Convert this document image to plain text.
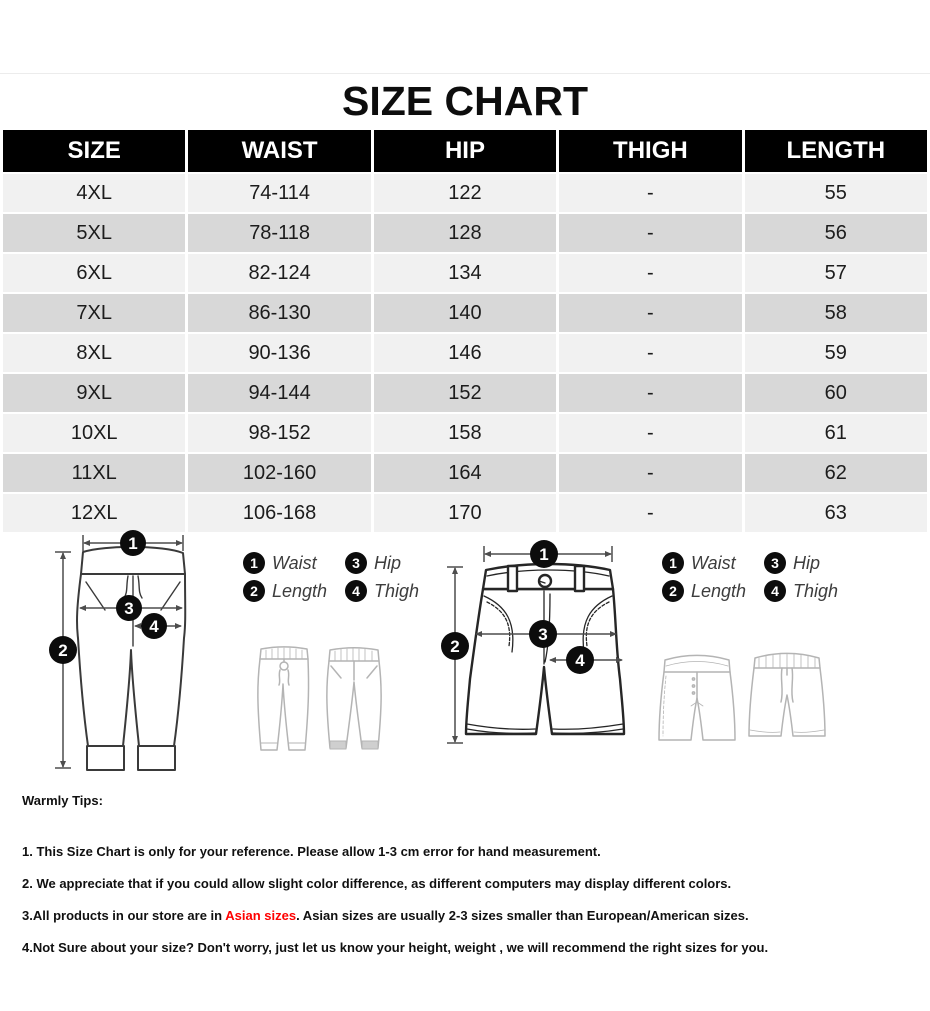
SIZE CHART
SIZE	WAIST	HIP	THIGH	LENGTH
4XL	74-114	122	-	55
5XL	78-118	128	-	56
6XL	82-124	134	-	57
7XL	86-130	140	-	58
8XL	90-136	146	-	59
9XL	94-144	152	-	60
10XL	98-152	158	-	61
11XL	102-160	164	-	62
12XL	106-168	170	-	63
1
3
4
2
1 Waist	3 Hip
2 Length	4 Thigh
1
3
4
2
1 Waist	3 Hip
2 Length	4 Thigh

Warmly Tips:

1. This Size Chart is only for your reference. Please allow 1-3 cm error for hand measurement.

2. We appreciate that if you could allow slight color difference, as different computers may display different colors.

3.All products in our store are in Asian sizes. Asian sizes are usually 2-3 sizes smaller than European/American sizes.

4.Not Sure about your size? Don't worry, just let us know your height, weight , we will recommend the right sizes for you.
